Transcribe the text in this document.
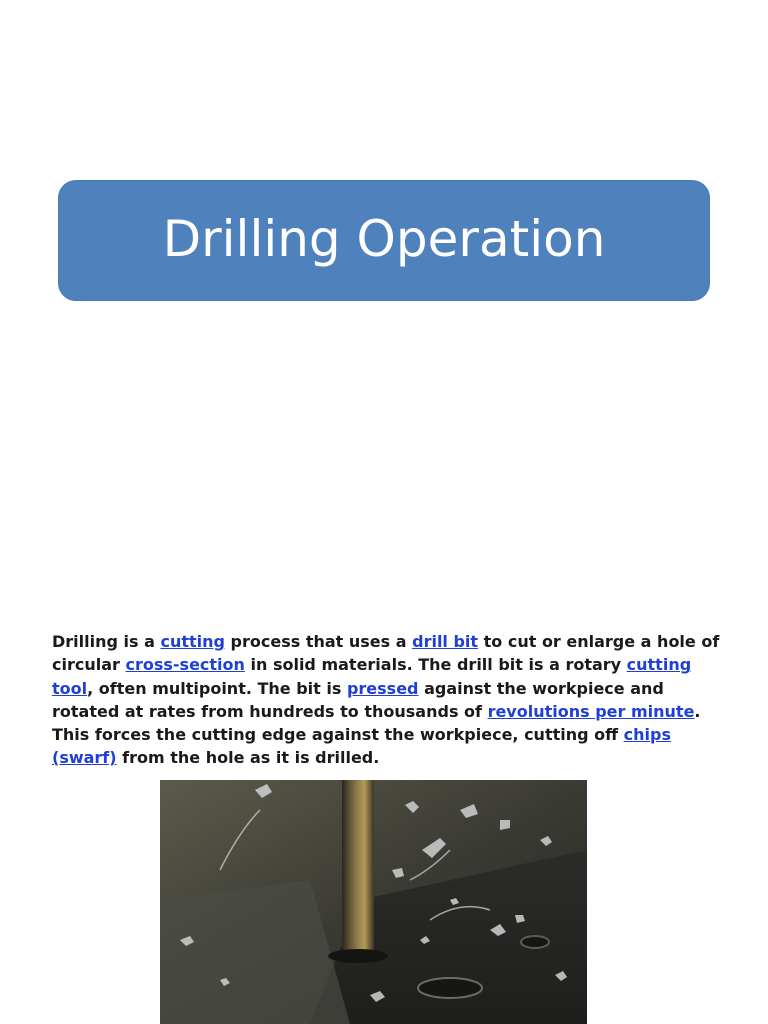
Drilling Operation
Drilling is a cutting process that uses a drill bit to cut or enlarge a hole of circular cross-section in solid materials. The drill bit is a rotary cutting tool, often multipoint. The bit is pressed against the workpiece and rotated at rates from hundreds to thousands of revolutions per minute. This forces the cutting edge against the workpiece, cutting off chips (swarf) from the hole as it is drilled.
